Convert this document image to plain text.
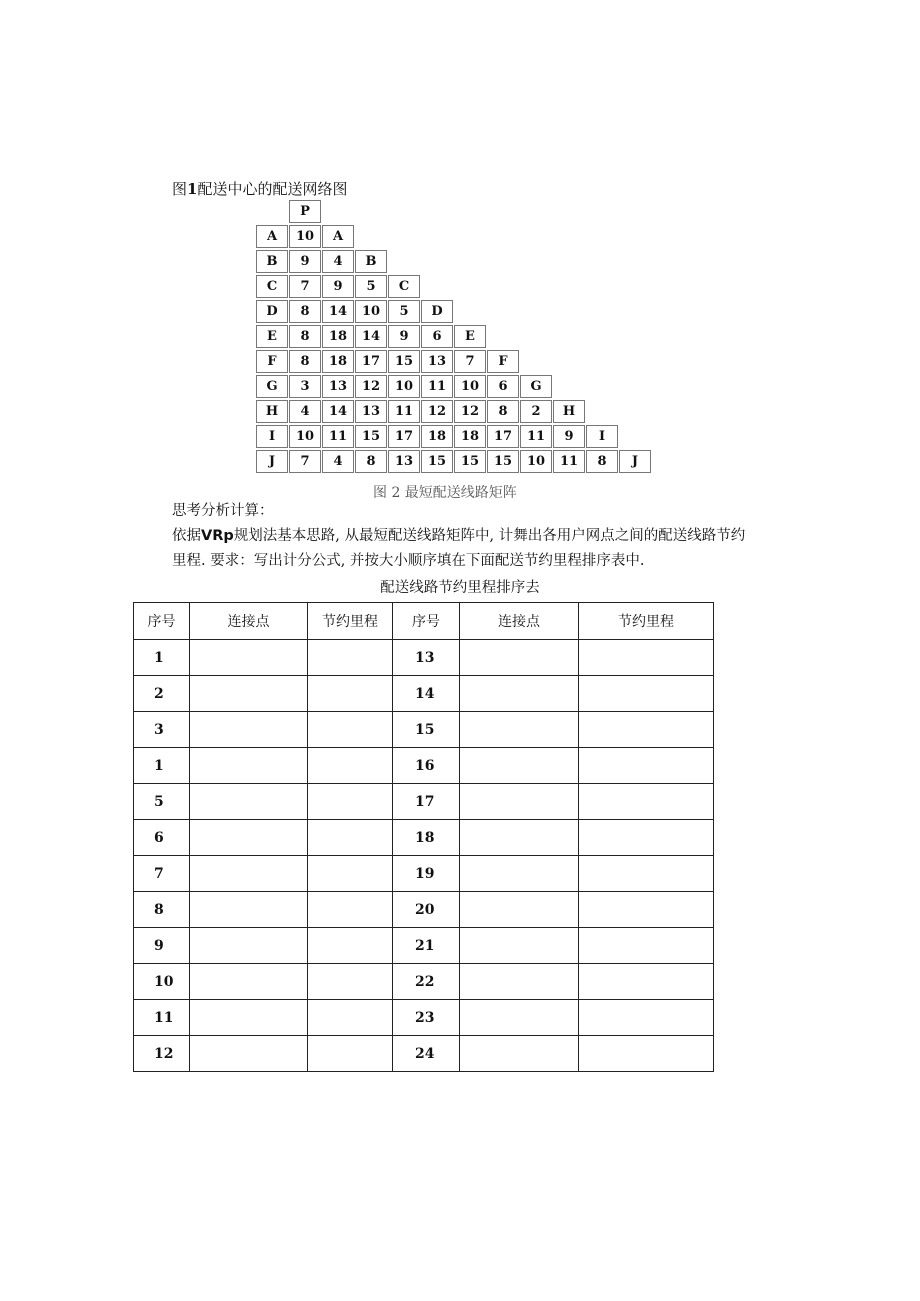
图1配送中心的配送网络图
P
A	10	A
B	9	4	B
C	7	9	5	C
D	8	14	10	5	D
E	8	18	14	9	6	E
F	8	18	17	15	13	7	F
G	3	13	12	10	11	10	6	G
H	4	14	13	11	12	12	8	2	H
I	10	11	15	17	18	18	17	11	9	I
J	7	4	8	13	15	15	15	10	11	8	J
图 2 最短配送线路矩阵
思考分析计算：
依据VRp规划法基本思路, 从最短配送线路矩阵中, 计舞出各用户网点之间的配送线路节约
里程. 要求：写出计分公式, 并按大小顺序填在下面配送节约里程排序表中.
配送线路节约里程排序去
序号	连接点	节约里程	序号	连接点	节约里程
1			13		
2			14		
3			15		
1			16		
5			17		
6			18		
7			19		
8			20		
9			21		
10			22		
11			23		
12			24		
